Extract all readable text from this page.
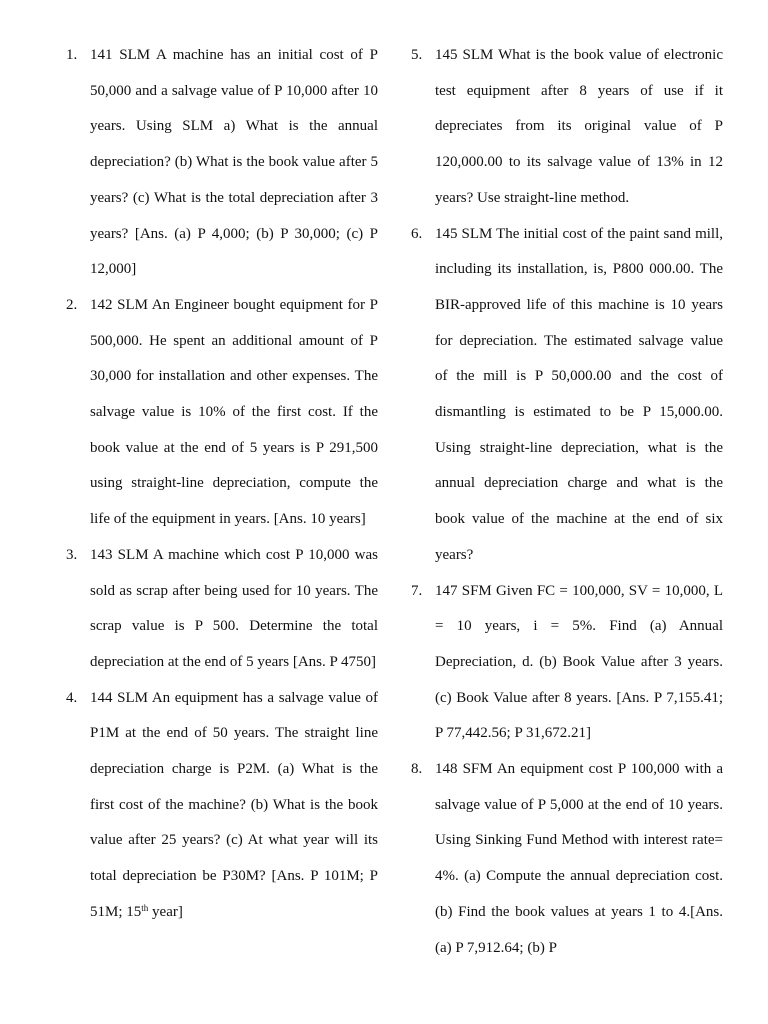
1. 141 SLM A machine has an initial cost of P 50,000 and a salvage value of P 10,000 after 10 years. Using SLM a) What is the annual depreciation? (b) What is the book value after 5 years? (c) What is the total depreciation after 3 years? [Ans. (a) P 4,000; (b) P 30,000; (c) P 12,000]
2. 142 SLM An Engineer bought equipment for P 500,000. He spent an additional amount of P 30,000 for installation and other expenses. The salvage value is 10% of the first cost. If the book value at the end of 5 years is P 291,500 using straight-line depreciation, compute the life of the equipment in years. [Ans. 10 years]
3. 143 SLM A machine which cost P 10,000 was sold as scrap after being used for 10 years. The scrap value is P 500. Determine the total depreciation at the end of 5 years [Ans. P 4750]
4. 144 SLM An equipment has a salvage value of P1M at the end of 50 years. The straight line depreciation charge is P2M. (a) What is the first cost of the machine? (b) What is the book value after 25 years? (c) At what year will its total depreciation be P30M? [Ans. P 101M; P 51M; 15th year]
5. 145 SLM What is the book value of electronic test equipment after 8 years of use if it depreciates from its original value of P 120,000.00 to its salvage value of 13% in 12 years? Use straight-line method.
6. 145 SLM The initial cost of the paint sand mill, including its installation, is, P800 000.00. The BIR-approved life of this machine is 10 years for depreciation. The estimated salvage value of the mill is P 50,000.00 and the cost of dismantling is estimated to be P 15,000.00. Using straight-line depreciation, what is the annual depreciation charge and what is the book value of the machine at the end of six years?
7. 147 SFM Given FC = 100,000, SV = 10,000, L = 10 years, i = 5%. Find (a) Annual Depreciation, d. (b) Book Value after 3 years. (c) Book Value after 8 years. [Ans. P 7,155.41; P 77,442.56; P 31,672.21]
8. 148 SFM An equipment cost P 100,000 with a salvage value of P 5,000 at the end of 10 years. Using Sinking Fund Method with interest rate= 4%. (a) Compute the annual depreciation cost.(b) Find the book values at years 1 to 4.[Ans. (a) P 7,912.64; (b) P
